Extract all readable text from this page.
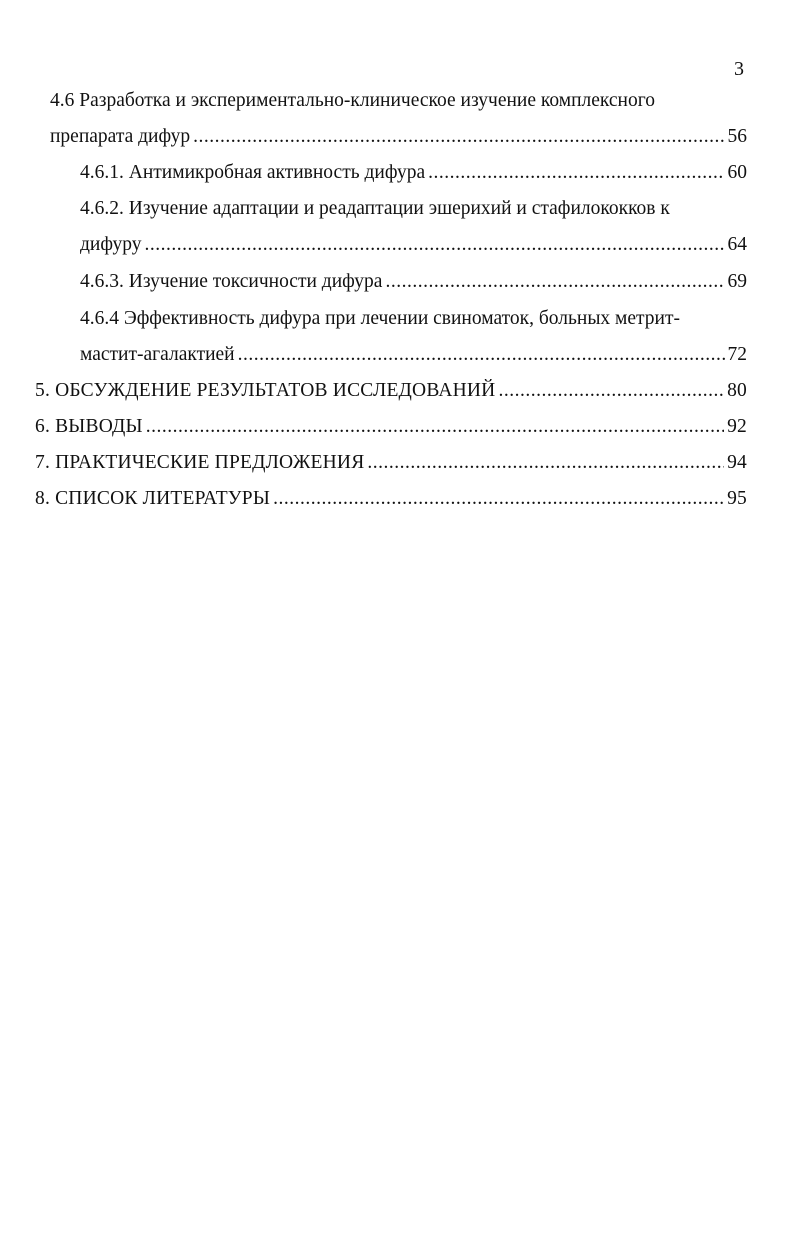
3
4.6 Разработка и экспериментально-клиническое изучение комплексного
препарата дифур .....	56
4.6.1. Антимикробная активность дифура .....	60
4.6.2. Изучение адаптации и реадаптации эшерихий и стафилококков к
дифуру .....	64
4.6.3. Изучение токсичности дифура .....	69
4.6.4 Эффективность дифура при лечении свиноматок, больных метрит-
мастит-агалактией .....	72
5. ОБСУЖДЕНИЕ РЕЗУЛЬТАТОВ ИССЛЕДОВАНИЙ .....	80
6. ВЫВОДЫ .....	92
7. ПРАКТИЧЕСКИЕ ПРЕДЛОЖЕНИЯ .....	94
8. СПИСОК ЛИТЕРАТУРЫ .....	95
